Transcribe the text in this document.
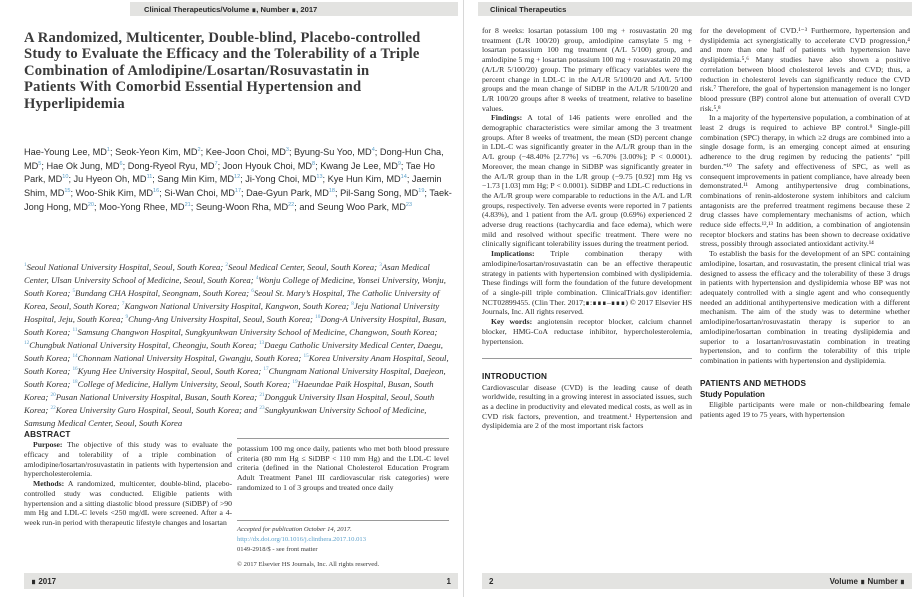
Clinical Therapeutics/Volume ∎, Number ∎, 2017
A Randomized, Multicenter, Double-blind, Placebo-controlled Study to Evaluate the Efficacy and the Tolerability of a Triple Combination of Amlodipine/Losartan/Rosuvastatin in Patients With Comorbid Essential Hypertension and Hyperlipidemia

Hae-Young Lee, $MD^1$; Seok-Yeon Kim, $MD^2$; Kee-Joon Choi, $MD^3$; Byung-Su Yoo, $MD^4$; Dong-Hun Cha, $MD^5$; Hae Ok Jung, $MD^6$; Dong-Ryeol Ryu, $MD^7$; Joon Hyouk Choi, $MD^8$; Kwang Je Lee, $MD^9$; Tae Ho Park, MD$^{10}$; Ju Hyeon Oh, MD$^{11}$; Sang Min Kim, MD$^{12}$; Ji-Yong Choi, MD$^{13}$; Kye Hun Kim, MD$^{14}$; Jaemin Shim, MD$^{15}$; Woo-Shik Kim, MD$^{16}$; Si-Wan Choi, MD$^{17}$; Dae-Gyun Park, MD$^{18}$; Pil-Sang Song, MD$^{19}$; Taek-Jong Hong, MD$^{20}$; Moo-Yong Rhee, MD$^{21}$; Seung-Woon Rha, MD$^{22}$; and Seung Woo Park, MD$^{23}$

$^1$Seoul National University Hospital, Seoul, South Korea; $^2$Seoul Medical Center, Seoul, South Korea; $^3$Asan Medical Center, Ulsan University School of Medicine, Seoul, South Korea; $^4$Wonju College of Medicine, Yonsei University, Wonju, South Korea; $^5$Bundang CHA Hospital, Seongnam, South Korea; $^6$Seoul St. Mary’s Hospital, The Catholic University of Korea, Seoul, South Korea; $^7$Kangwon National University Hospital, Kangwon, South Korea; $^8$Jeju National University Hospital, Jeju, South Korea; $^9$Chung-Ang University Hospital, Seoul, South Korea; $^{10}$Dong-A University Hospital, Busan, South Korea; $^{11}$Samsung Changwon Hospital, Sungkyunkwan University School of Medicine, Changwon, South Korea; $^{12}$Chungbuk National University Hospital, Cheongju, South Korea; $^{13}$Daegu Catholic University Medical Center, Daegu, South Korea; $^{14}$Chonnam National University Hospital, Gwangju, South Korea; $^{15}$Korea University Anam Hospital, Seoul, South Korea; $^{16}$Kyung Hee University Hospital, Seoul, South Korea; $^{17}$Chungnam National University Hospital, Daejeon, South Korea; $^{18}$College of Medicine, Hallym University, Seoul, South Korea; $^{19}$Haeundae Paik Hospital, Busan, South Korea; $^{20}$Pusan National University Hospital, Busan, South Korea; $^{21}$Dongguk University Ilsan Hospital, Seoul, South Korea; $^{22}$Korea University Guro Hospital, Seoul, South Korea; and $^{23}$Sungkyunkwan University School of Medicine, Samsung Medical Center, Seoul, South Korea

ABSTRACT

Purpose: The objective of this study was to evaluate the efficacy and tolerability of a triple combination of amlodipine/losartan/rosuvastatin in patients with hypertension and hypercholesterolemia.

Methods: A randomized, multicenter, double-blind, placebo-controlled study was conducted. Eligible patients with hypertension and a sitting diastolic blood pressure (SiDBP) of >90 mm Hg and LDL-C levels <250 mg/dL were screened. After a 4-week run-in period with therapeutic lifestyle changes and losartan

potassium 100 mg once daily, patients who met both blood pressure criteria (80 mm Hg ≤ SiDBP < 110 mm Hg) and the LDL-C level criteria (defined in the National Cholesterol Education Program Adult Treatment Panel III cardiovascular risk categories) were randomized to 1 of 3 groups and treated once daily

Accepted for publication October 14, 2017.
http://dx.doi.org/10.1016/j.clinthera.2017.10.013
0149-2918/$ - see front matter
© 2017 Elsevier HS Journals, Inc. All rights reserved.
∎ 2017	1
Clinical Therapeutics

for 8 weeks: losartan potassium 100 mg + rosuvastatin 20 mg treatment (L/R 100/20) group, amlodipine camsylate 5 mg + losartan potassium 100 mg treatment (A/L 5/100) group, and amlodipine 5 mg + losartan potassium 100 mg + rosuvastatin 20 mg (A/L/R 5/100/20) group. The primary efficacy variables were the percent change in LDL-C in the A/L/R 5/100/20 and A/L 5/100 groups and the mean change of SiDBP in the A/L/R 5/100/20 and L/R 100/20 groups after 8 weeks of treatment, relative to baseline values.

Findings: A total of 146 patients were enrolled and the demographic characteristics were similar among the 3 treatment groups. After 8 weeks of treatment, the mean (SD) percent change in LDL-C was significantly greater in the A/L/R group than in the A/L group (−48.40% [2.77%] vs −6.70% [3.00%]; P < 0.0001). Moreover, the mean change in SiDBP was significantly greater in the A/L/R group than in the L/R group (−9.75 [0.92] mm Hg vs −1.73 [1.03] mm Hg; P < 0.0001). SiDBP and LDL-C reductions in the A/L/R group were comparable to reductions in the A/L and L/R groups, respectively. Ten adverse events were reported in 7 patients (4.83%), and 1 patient from the A/L group (0.69%) experienced 2 adverse drug reactions (tachycardia and face edema), which were mild and resolved without specific treatment. There were no clinically significant tolerability issues during the treatment period.

Implications: Triple combination therapy with amlodipine/losartan/rosuvastatin can be an effective therapeutic strategy in patients with hypertension combined with dyslipidemia. These findings will form the foundation of the future development of a single-pill triple combination. ClinicalTrials.gov identifier: NCT02899455. (Clin Ther. 2017;∎:∎∎∎–∎∎∎) © 2017 Elsevier HS Journals, Inc. All rights reserved.

Key words: angiotensin receptor blocker, calcium channel blocker, HMG-CoA reductase inhibitor, hypercholesterolemia, hypertension.

INTRODUCTION

Cardiovascular disease (CVD) is the leading cause of death worldwide, resulting in a growing interest in associated issues, such as a decline in productivity and elevated medical costs, as well as in CVD risk factors, prevention, and treatment.¹ Hypertension and dyslipidemia are 2 of the most important risk factors

for the development of CVD.¹⁻³ Furthermore, hypertension and dyslipidemia act synergistically to accelerate CVD progression,⁴ and more than one half of patients with hypertension have dyslipidemia.⁵,⁶ Many studies have also shown a positive correlation between blood cholesterol levels and CVD; thus, a reduction in cholesterol levels can significantly reduce the CVD risk.⁷ Therefore, the goal of hypertension management is no longer blood pressure (BP) control alone but attenuation of overall CVD risk.⁵,⁸

In a majority of the hypertensive population, a combination of at least 2 drugs is required to achieve BP control.⁹ Single-pill combination (SPC) therapy, in which ≥2 drugs are combined into a single dosage form, is an emerging concept aimed at ensuring adherence to the drug regimen by reducing the patients’ “pill burden.”¹⁰ The safety and effectiveness of SPC, as well as consequent improvements in patient compliance, have already been demonstrated.¹¹ Among antihypertensive drug combinations, combinations of renin-aldosterone system inhibitors and calcium antagonists are the preferred treatment regimens because these 2 drug classes have complementary mechanisms of action, which reduce side effects.¹²,¹³ In addition, a combination of angiotensin receptor blockers and statins has been shown to decrease oxidative stress, possibly through associated antioxidant activity.¹⁴

To establish the basis for the development of an SPC containing amlodipine, losartan, and rosuvastatin, the present clinical trial was designed to assess the efficacy and the tolerability of these 3 drugs in patients with hypertension and dyslipidemia whose BP was not adequately controlled with a single agent and who consequently needed an additional antihypertensive medication with a different mechanism. The aim of the study was to determine whether amlodipine/losartan/rosuvastatin therapy is superior to an amlodipine/losartan combination in treating dyslipidemia and superior to a losartan/rosuvastatin combination in treating hypertension, and to confirm the tolerability of this triple combination in patients with hypertension and dyslipidemia.

PATIENTS AND METHODS

Study Population

Eligible participants were male or non-childbearing female patients aged 19 to 75 years, with hypertension

2	Volume ∎ Number ∎
